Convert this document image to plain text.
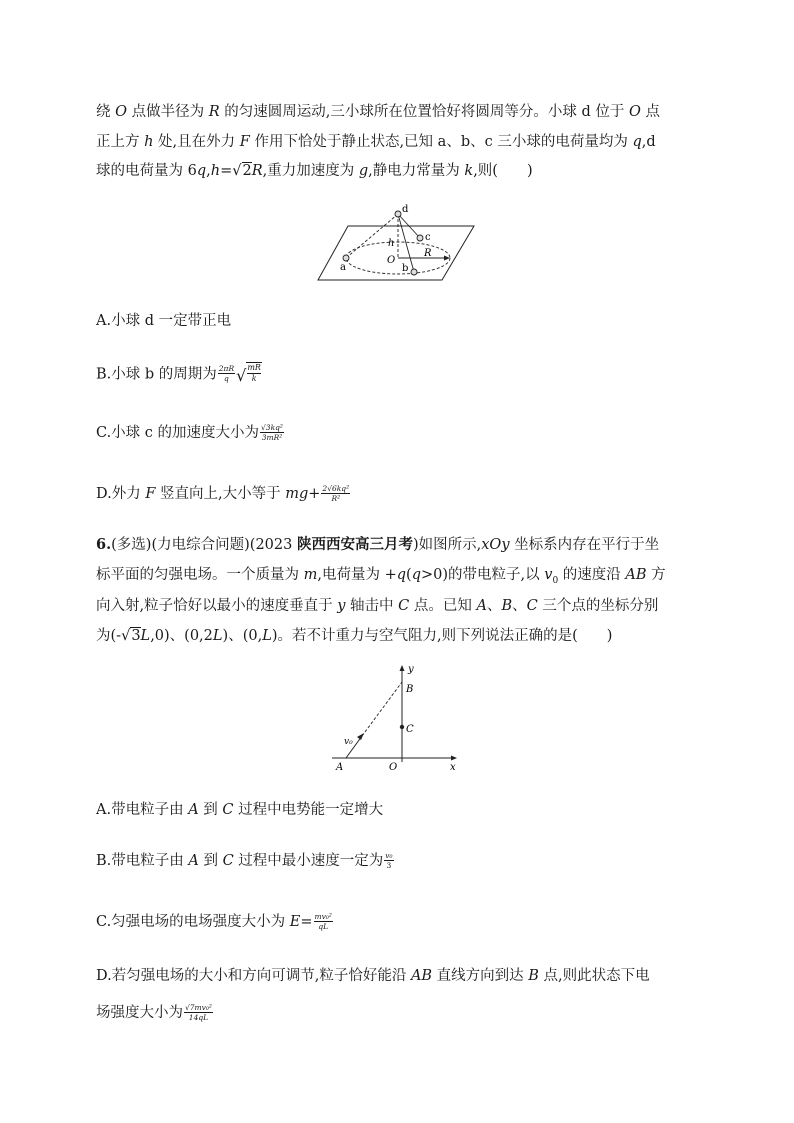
绕 O 点做半径为 R 的匀速圆周运动,三小球所在位置恰好将圆周等分。小球 d 位于 O 点
正上方 h 处,且在外力 F 作用下恰处于静止状态,已知 a、b、c 三小球的电荷量均为 q,d
球的电荷量为 6q,h=√2R,重力加速度为 g,静电力常量为 k,则(　　)
d
c
h
O
b
R
a
A.小球 d 一定带正电
B.小球 b 的周期为 $\frac{2\pi R}{q}$ √ $\frac{mR}{k}$
C.小球 c 的加速度大小为 $\frac{\text{√3kq²}}{\text{3mR²}}$
D.外力 F 竖直向上,大小等于 $mg+ \frac{\text{2√6kq²}}{\text{R²}}$
6.(多选)(力电综合问题)(2023 陕西西安高三月考)如图所示,xOy 坐标系内存在平行于坐
标平面的匀强电场。一个质量为 m,电荷量为 +q(q>0)的带电粒子,以 $v_0$ 的速度沿 AB 方
向入射,粒子恰好以最小的速度垂直于 y 轴击中 C 点。已知 A、B、C 三个点的坐标分别
为(-√3L,0)、(0,2L)、(0,L)。若不计重力与空气阻力,则下列说法正确的是(　　)
y
B
C
v₀
A	O	x
A.带电粒子由 A 到 C 过程中电势能一定增大
B.带电粒子由 A 到 C 过程中最小速度一定为 $\frac{\text{v₀}}{3}$
C.匀强电场的电场强度大小为 $E= \frac{\text{mv₀²}}{qL}$
D.若匀强电场的大小和方向可调节,粒子恰好能沿 AB 直线方向到达 B 点,则此状态下电
场强度大小为 $\frac{\text{√7mv₀²}}{14qL}$
